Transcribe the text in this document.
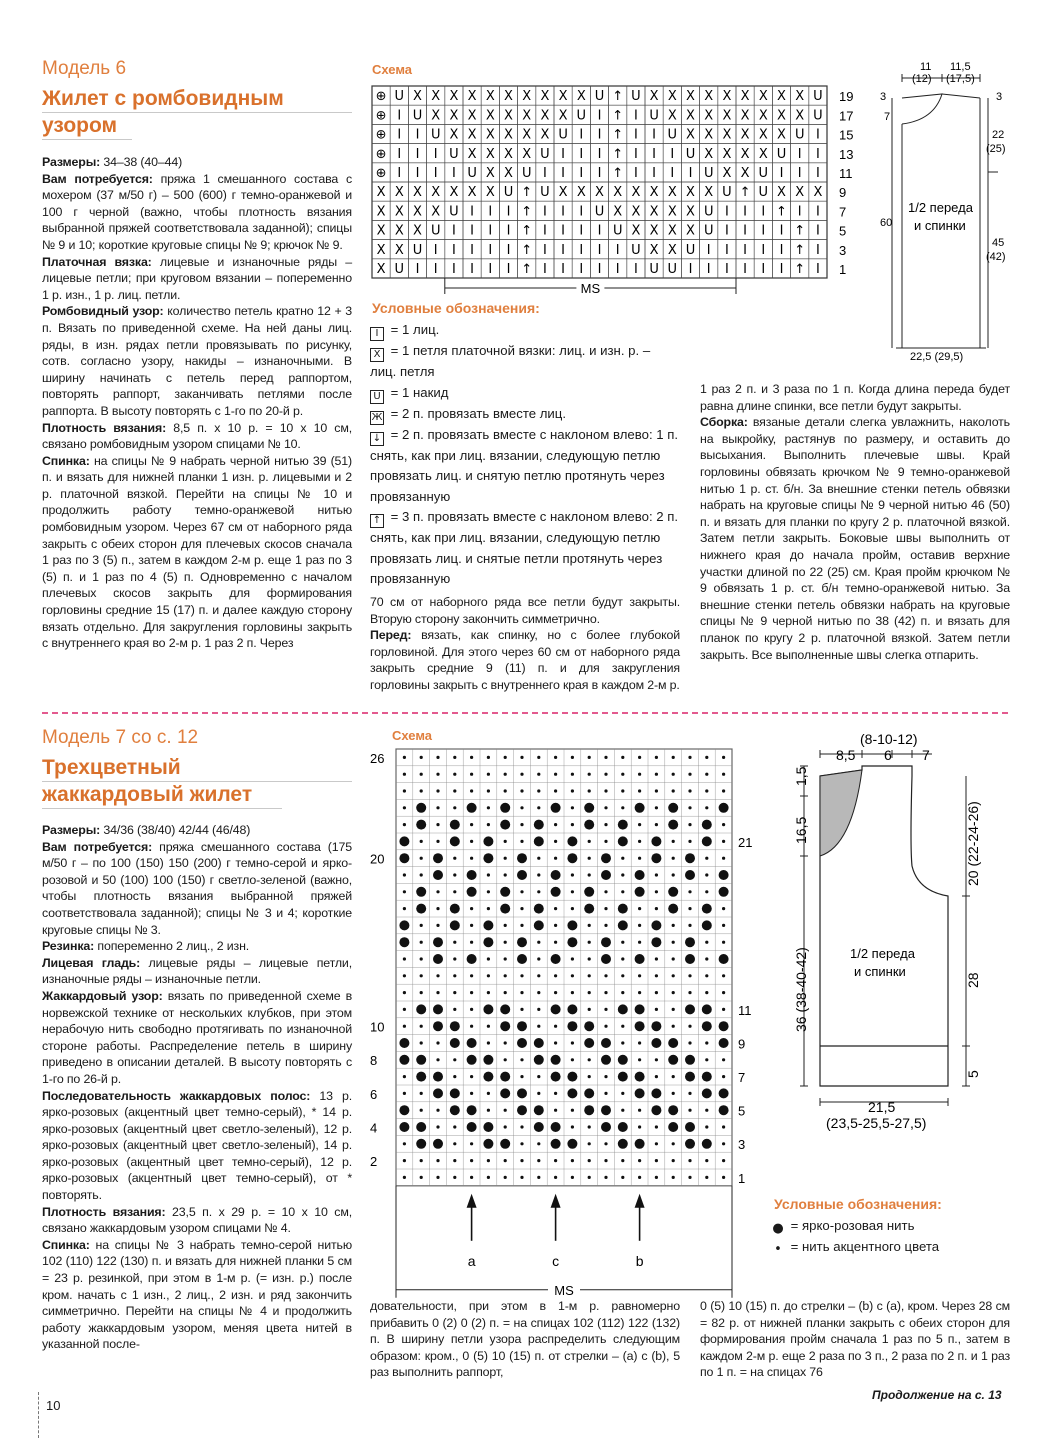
Модель 6
Жилет с ромбовидным
узором

Размеры: 34–38 (40–44)

Вам потребуется: пряжа 1 смешанного состава с мохером (37 м/50 г) – 500 (600) г темно-оранжевой и 100 г черной (важно, чтобы плотность вязания выбранной пряжей соответствовала заданной); спицы № 9 и 10; короткие круговые спицы № 9; крючок № 9.

Платочная вязка: лицевые и изнаночные ряды – лицевые петли; при круговом вязании – попеременно 1 р. изн., 1 р. лиц. петли.

Ромбовидный узор: количество петель кратно 12 + 3 п. Вязать по приведенной схеме. На ней даны лиц. ряды, в изн. рядах петли провязывать по рисунку, сотв. согласно узору, накиды – изнаночными. В ширину начинать с петель перед раппортом, повторять раппорт, заканчивать петлями после раппорта. В высоту повторять с 1-го по 20-й р.

Плотность вязания: 8,5 п. х 10 р. = 10 х 10 см, связано ромбовидным узором спицами № 10.

Спинка: на спицы № 9 набрать черной нитью 39 (51) п. и вязать для нижней планки 1 изн. р. лицевыми и 2 р. платочной вязкой. Перейти на спицы № 10 и продолжить работу темно-оранжевой нитью ромбовидным узором. Через 67 см от наборного ряда закрыть с обеих сторон для плечевых скосов сначала 1 раз по 3 (5) п., затем в каждом 2-м р. еще 1 раз по 3 (5) п. и 1 раз по 4 (5) п. Одновременно с началом плечевых скосов закрыть для формирования горловины средние 15 (17) п. и далее каждую сторону вязать отдельно. Для закругления горловины закрыть с внутреннего края во 2-м р. 1 раз 2 п. Через

Схема
⊕ U X X X X X X X X X X U ↑ U X X X X X X X X X U 19
⊕ I U X X X X X X X X U I ↑ I U X X X X X X X X U 17
⊕ I I U X X X X X X U I I ↑ I I U X X X X X X U I 15
⊕ I I I U X X X X U I I I ↑ I I I U X X X X U I I 13
⊕ I I I I U X X U I I I I ↑ I I I I U X X U I I I 11
X X X X X X X U ↑ U X X X X X X X X X U ↑ U X X X 9
X X X X U I I I ↑ I I I U X X X X X U I I I ↑ I I 7
X X X U I I I I ↑ I I I I U X X X X U I I I I ↑ I 5
X X U I I I I I ↑ I I I I I U X X U I I I I I ↑ I 3
X U I I I I I I ↑ I I I I I I U U I I I I I I ↑ I 1
MS
Условные обозначения:
I = 1 лиц.
X = 1 петля платочной вязки: лиц. и изн. р. – лиц. петля
U = 1 накид
Ж = 2 п. провязать вместе лиц.
↓ = 2 п. провязать вместе с наклоном влево: 1 п. снять, как при лиц. вязании, следующую петлю провязать лиц. и снятую петлю протянуть через провязанную
↑ = 3 п. провязать вместе с наклоном влево: 2 п. снять, как при лиц. вязании, следующую петлю провязать лиц. и снятые петли протянуть через провязанную

70 см от наборного ряда все петли будут закрыты. Вторую сторону закончить симметрично.

Перед: вязать, как спинку, но с более глубокой горловиной. Для этого через 60 см от наборного ряда закрыть средние 9 (11) п. и для закругления горловины закрыть с внутреннего края в каждом 2-м р.

1 раз 2 п. и 3 раза по 1 п. Когда длина переда будет равна длине спинки, все петли будут закрыты.

Сборка: вязаные детали слегка увлажнить, наколоть на выкройку, растянув по размеру, и оставить до высыхания. Выполнить плечевые швы. Край горловины обвязать крючком № 9 темно-оранжевой нитью 1 р. ст. б/н. За внешние стенки петель обвязки набрать на круговые спицы № 9 черной нитью 46 (50) п. и вязать для планки по кругу 2 р. платочной вязкой. Затем петли закрыть. Боковые швы выполнить от нижнего края до начала пройм, оставив верхние участки длиной по 22 (25) см. Края пройм крючком № 9 обвязать 1 р. ст. б/н темно-оранжевой нитью. За внешние стенки петель обвязки набрать на круговые спицы № 9 черной нитью по 38 (42) п. и вязать для планок по кругу 2 р. платочной вязкой. Затем петли закрыть. Все выполненные швы слегка отпарить.

11
(12)
11,5
(17,5)
3
7
3
22
(25)
60
45
(42)
1/2 переда
и спинки
22,5 (29,5)
Модель 7 со с. 12
Трехцветный
жаккардовый жилет

Размеры: 34/36 (38/40) 42/44 (46/48)

Вам потребуется: пряжа смешанного состава (175 м/50 г – по 100 (150) 150 (200) г темно-серой и ярко-розовой и 50 (100) 100 (150) г светло-зеленой (важно, чтобы плотность вязания выбранной пряжей соответствовала заданной); спицы № 3 и 4; короткие круговые спицы № 3.

Резинка: попеременно 2 лиц., 2 изн.

Лицевая гладь: лицевые ряды – лицевые петли, изнаночные ряды – изнаночные петли.

Жаккардовый узор: вязать по приведенной схеме в норвежской технике от нескольких клубков, при этом нерабочую нить свободно протягивать по изнаночной стороне работы. Распределение петель в ширину приведено в описании деталей. В высоту повторять с 1-го по 26-й р.

Последовательность жаккардовых полос: 13 р. ярко-розовых (акцентный цвет темно-серый), * 14 р. ярко-розовых (акцентный цвет светло-зеленый), 12 р. ярко-розовых (акцентный цвет светло-зеленый), 14 р. ярко-розовых (акцентный цвет темно-серый), 12 р. ярко-розовых (акцентный цвет темно-серый), от * повторять.

Плотность вязания: 23,5 п. х 29 р. = 10 х 10 см, связано жаккардовым узором спицами № 4.

Спинка: на спицы № 3 набрать темно-серой нитью 102 (110) 122 (130) п. и вязать для нижней планки 5 см = 23 р. резинкой, при этом в 1-м р. (= изн. р.) после кром. начать с 1 изн., 2 лиц., 2 изн. и ряд закончить симметрично. Перейти на спицы № 4 и продолжить работу жаккардовым узором, меняя цвета нитей в указанной после-

Схема
26
20
10
8
6
4
2
21
11
9
7
5
3
1
a	c	b
MS
(8-10-12)
8,5 6 7
1,5
16,5
36 (38-40-42)
20 (22-24-26)
28
5
1/2 переда
и спинки
21,5
(23,5-25,5-27,5)
Условные обозначения:
● = ярко-розовая нить
• = нить акцентного цвета

довательности, при этом в 1-м р. равномерно прибавить 0 (2) 0 (2) п. = на спицах 102 (112) 122 (132) п. В ширину петли узора распределить следующим образом: кром., 0 (5) 10 (15) п. от стрелки – (a) с (b), 5 раз выполнить раппорт,

0 (5) 10 (15) п. до стрелки – (b) с (a), кром. Через 28 см = 82 р. от нижней планки закрыть с обеих сторон для формирования пройм сначала 1 раз по 5 п., затем в каждом 2-м р. еще 2 раза по 3 п., 2 раза по 2 п. и 1 раз по 1 п. = на спицах 76

10
Продолжение на с. 13
